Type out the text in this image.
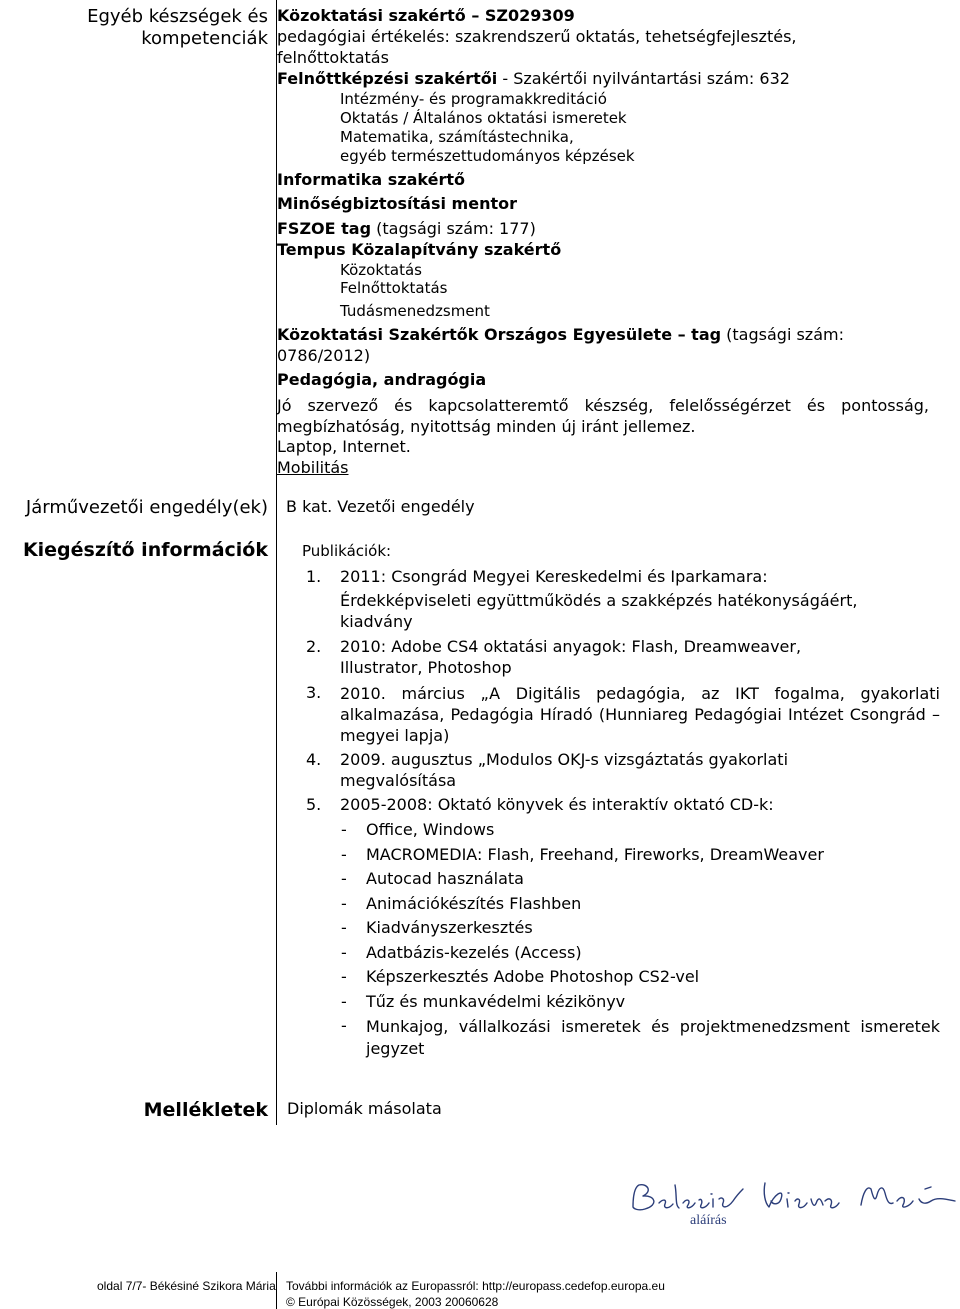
Egyéb készségek és
kompetenciák
Járművezetői engedély(ek)
Kiegészítő információk
Mellékletek
Közoktatási szakértő – SZ029309
pedagógiai értékelés: szakrendszerű oktatás, tehetségfejlesztés,
felnőttoktatás
Felnőttképzési szakértői - Szakértői nyilvántartási szám: 632
Intézmény- és programakkreditáció
Oktatás / Általános oktatási ismeretek
Matematika, számítástechnika,
egyéb természettudományos képzések
Informatika szakértő
Minőségbiztosítási mentor
FSZOE tag (tagsági szám: 177)
Tempus Közalapítvány szakértő
Közoktatás
Felnőttoktatás
Tudásmenedzsment
Közoktatási Szakértők Országos Egyesülete – tag (tagsági szám:
0786/2012)
Pedagógia, andragógia
Jó szervező és kapcsolatteremtő készség, felelősségérzet és pontosság, megbízhatóság, nyitottság minden új iránt jellemez.
Laptop, Internet.
Mobilitás
B kat. Vezetői engedély
Publikációk:
1. 2011: Csongrád Megyei Kereskedelmi és Iparkamara:
Érdekképviseleti együttműködés a szakképzés hatékonyságáért,
kiadvány
2. 2010: Adobe CS4 oktatási anyagok: Flash, Dreamweaver,
Illustrator, Photoshop
3. 2010. március „A Digitális pedagógia, az IKT fogalma, gyakorlati alkalmazása, Pedagógia Híradó (Hunniareg Pedagógiai Intézet Csongrád – megyei lapja)
4. 2009. augusztus „Modulos OKJ-s vizsgáztatás gyakorlati
megvalósítása
5. 2005-2008: Oktató könyvek és interaktív oktató CD-k:
- Office, Windows
- MACROMEDIA: Flash, Freehand, Fireworks, DreamWeaver
- Autocad használata
- Animációkészítés Flashben
- Kiadványszerkesztés
- Adatbázis-kezelés (Access)
- Képszerkesztés Adobe Photoshop CS2-vel
- Tűz és munkavédelmi kézikönyv
- Munkajog, vállalkozási ismeretek és projektmenedzsment ismeretek jegyzet
Diplomák másolata
aláírás
oldal 7/7- Békésiné Szikora Mária További információk az Europassról: http://europass.cedefop.europa.eu
© Európai Közösségek, 2003 20060628
